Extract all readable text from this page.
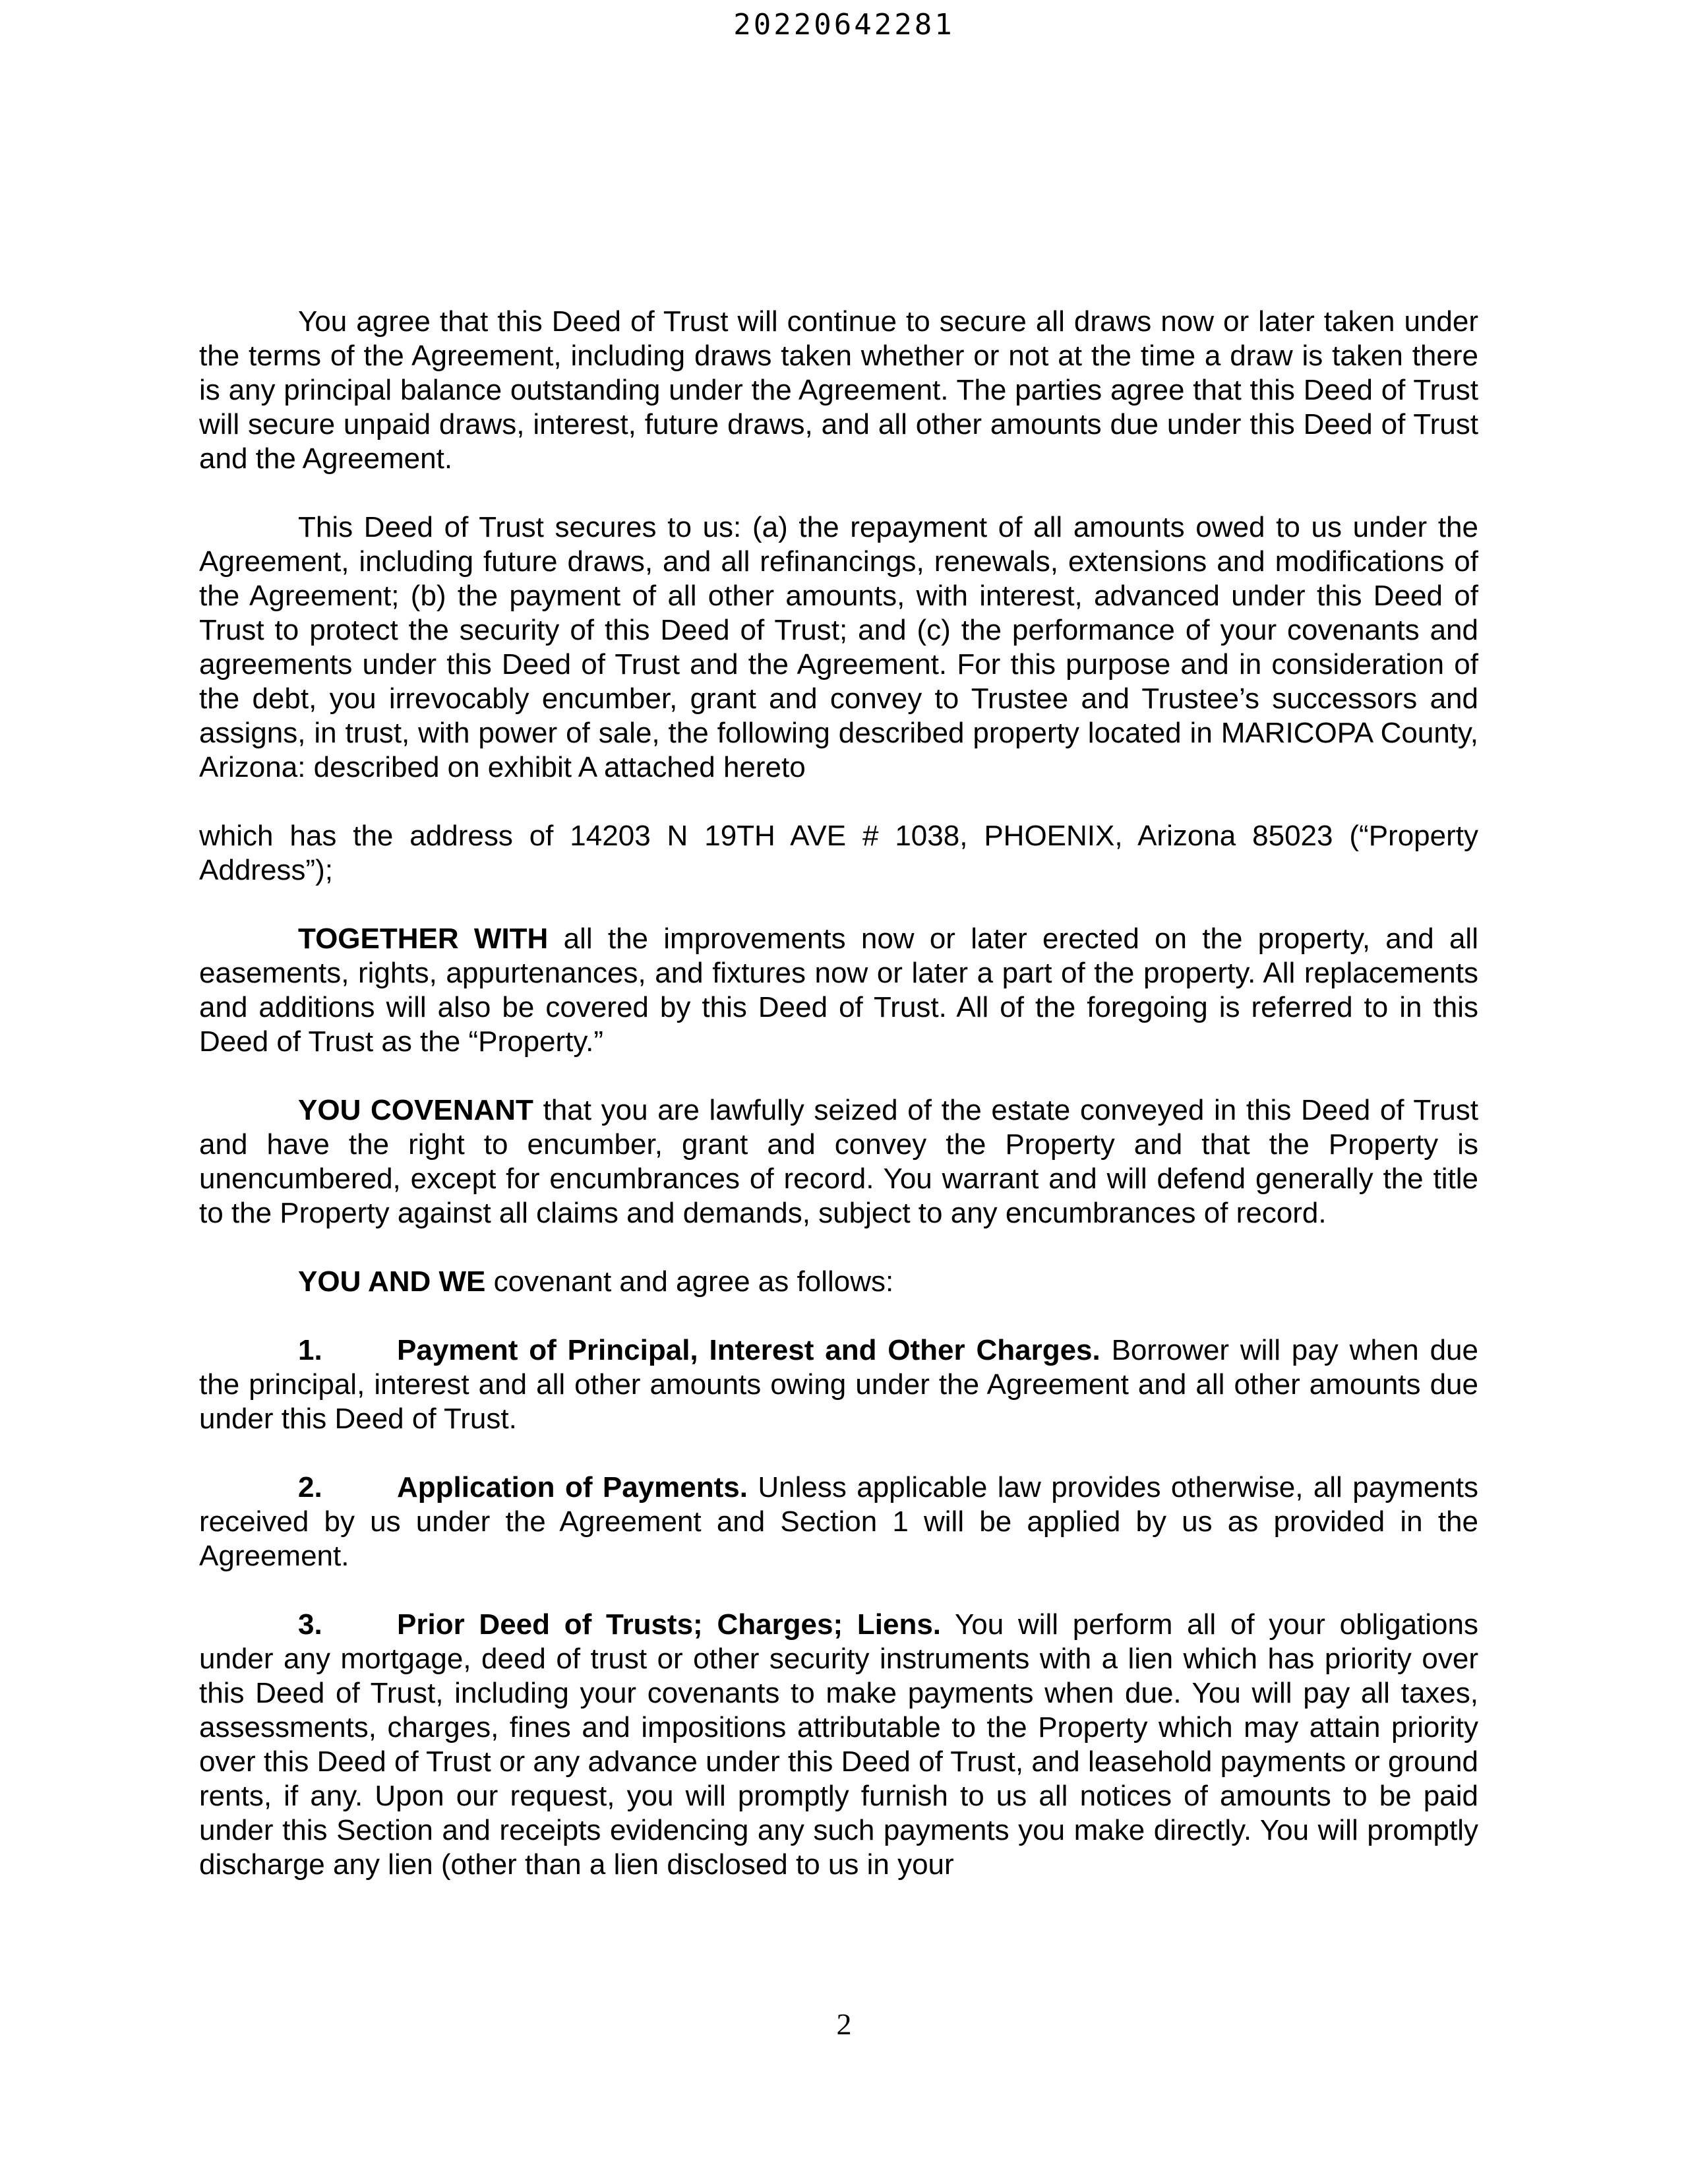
20220642281

You agree that this Deed of Trust will continue to secure all draws now or later taken under the terms of the Agreement, including draws taken whether or not at the time a draw is taken there is any principal balance outstanding under the Agreement. The parties agree that this Deed of Trust will secure unpaid draws, interest, future draws, and all other amounts due under this Deed of Trust and the Agreement.

This Deed of Trust secures to us: (a) the repayment of all amounts owed to us under the Agreement, including future draws, and all refinancings, renewals, extensions and modifications of the Agreement; (b) the payment of all other amounts, with interest, advanced under this Deed of Trust to protect the security of this Deed of Trust; and (c) the performance of your covenants and agreements under this Deed of Trust and the Agreement. For this purpose and in consideration of the debt, you irrevocably encumber, grant and convey to Trustee and Trustee’s successors and assigns, in trust, with power of sale, the following described property located in MARICOPA County, Arizona: described on exhibit A attached hereto

which has the address of 14203 N 19TH AVE # 1038, PHOENIX, Arizona 85023 (“Property Address”);

TOGETHER WITH all the improvements now or later erected on the property, and all easements, rights, appurtenances, and fixtures now or later a part of the property. All replacements and additions will also be covered by this Deed of Trust. All of the foregoing is referred to in this Deed of Trust as the “Property.”

YOU COVENANT that you are lawfully seized of the estate conveyed in this Deed of Trust and have the right to encumber, grant and convey the Property and that the Property is unencumbered, except for encumbrances of record. You warrant and will defend generally the title to the Property against all claims and demands, subject to any encumbrances of record.

YOU AND WE covenant and agree as follows:

1.	Payment of Principal, Interest and Other Charges. Borrower will pay when due the principal, interest and all other amounts owing under the Agreement and all other amounts due under this Deed of Trust.

2.	Application of Payments. Unless applicable law provides otherwise, all payments received by us under the Agreement and Section 1 will be applied by us as provided in the Agreement.

3.	Prior Deed of Trusts; Charges; Liens. You will perform all of your obligations under any mortgage, deed of trust or other security instruments with a lien which has priority over this Deed of Trust, including your covenants to make payments when due. You will pay all taxes, assessments, charges, fines and impositions attributable to the Property which may attain priority over this Deed of Trust or any advance under this Deed of Trust, and leasehold payments or ground rents, if any. Upon our request, you will promptly furnish to us all notices of amounts to be paid under this Section and receipts evidencing any such payments you make directly. You will promptly discharge any lien (other than a lien disclosed to us in your

2
